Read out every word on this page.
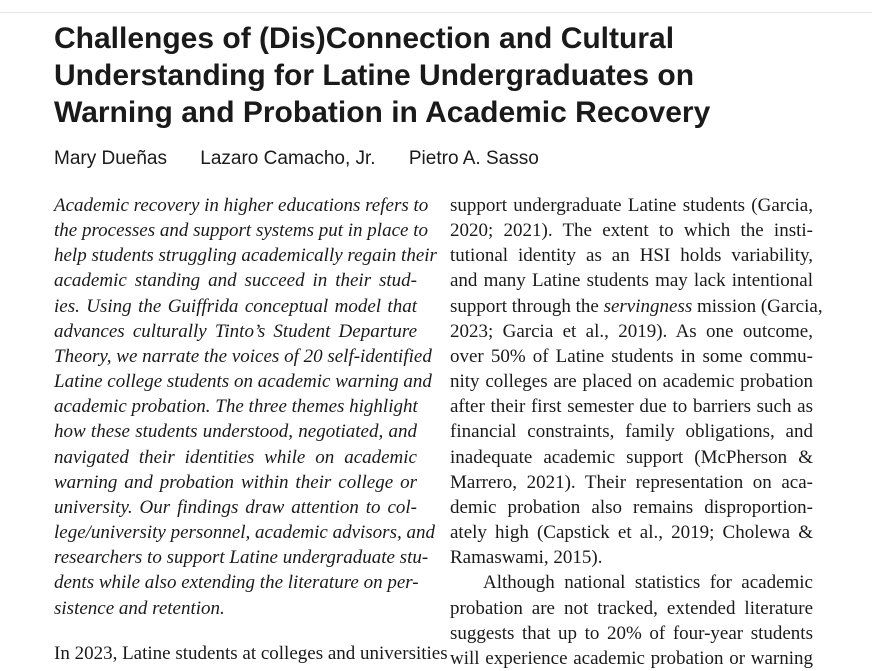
Challenges of (Dis)Connection and Cultural
Understanding for Latine Undergraduates on
Warning and Probation in Academic Recovery
Mary Dueñas Lazaro Camacho, Jr. Pietro A. Sasso
Academic recovery in higher educations refers to
the processes and support systems put in place to
help students struggling academically regain their
academic standing and succeed in their stud-
ies. Using the Guiffrida conceptual model that
advances culturally Tinto’s Student Departure
Theory, we narrate the voices of 20 self-identified
Latine college students on academic warning and
academic probation. The three themes highlight
how these students understood, negotiated, and
navigated their identities while on academic
warning and probation within their college or
university. Our findings draw attention to col-
lege/university personnel, academic advisors, and
researchers to support Latine undergraduate stu-
dents while also extending the literature on per-
sistence and retention.
In 2023, Latine students at colleges and universities
support undergraduate Latine students (Garcia,
2020; 2021). The extent to which the insti-
tutional identity as an HSI holds variability,
and many Latine students may lack intentional
support through the servingness mission (Garcia,
2023; Garcia et al., 2019). As one outcome,
over 50% of Latine students in some commu-
nity colleges are placed on academic probation
after their first semester due to barriers such as
financial constraints, family obligations, and
inadequate academic support (McPherson &
Marrero, 2021). Their representation on aca-
demic probation also remains disproportion-
ately high (Capstick et al., 2019; Cholewa &
Ramaswami, 2015).
Although national statistics for academic
probation are not tracked, extended literature
suggests that up to 20% of four-year students
will experience academic probation or warning
